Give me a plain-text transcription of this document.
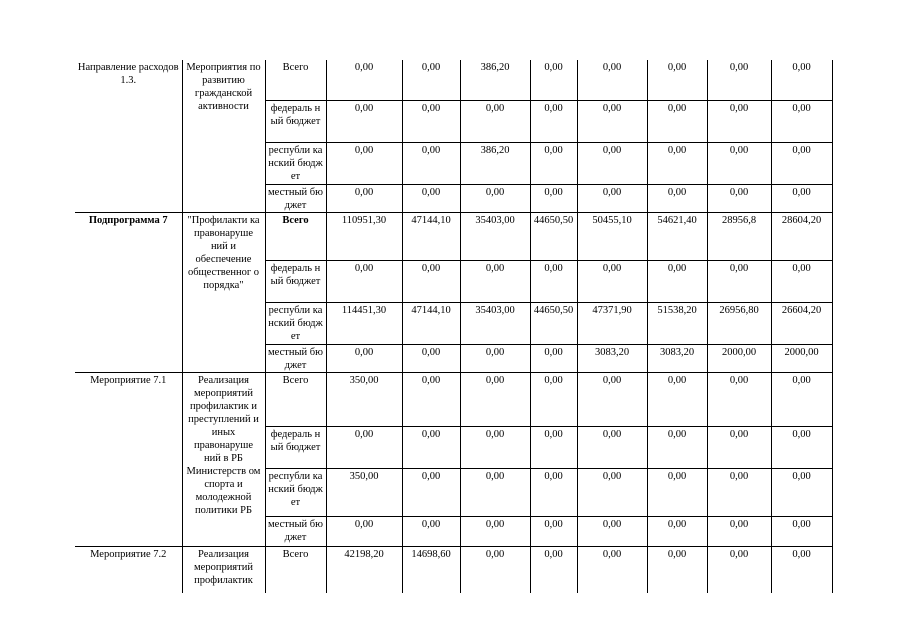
Направление расходов 1.3.	Мероприятия по развитию гражданской активности	Всего	0,00	0,00	386,20	0,00	0,00	0,00	0,00	0,00
		федераль ный бюджет	0,00	0,00	0,00	0,00	0,00	0,00	0,00	0,00
		республи канский бюджет	0,00	0,00	386,20	0,00	0,00	0,00	0,00	0,00
		местный бюджет	0,00	0,00	0,00	0,00	0,00	0,00	0,00	0,00
Подпрограмма 7	"Профилакти ка правонаруше ний и обеспечение общественног о порядка"	Всего	110951,30	47144,10	35403,00	44650,50	50455,10	54621,40	28956,8	28604,20
		федераль ный бюджет	0,00	0,00	0,00	0,00	0,00	0,00	0,00	0,00
		республи канский бюджет	114451,30	47144,10	35403,00	44650,50	47371,90	51538,20	26956,80	26604,20
		местный бюджет	0,00	0,00	0,00	0,00	3083,20	3083,20	2000,00	2000,00
Мероприятие 7.1	Реализация мероприятий профилактик и преступлений и иных правонаруше ний в РБ Министерств ом спорта и молодежной политики РБ	Всего	350,00	0,00	0,00	0,00	0,00	0,00	0,00	0,00
		федераль ный бюджет	0,00	0,00	0,00	0,00	0,00	0,00	0,00	0,00
		республи канский бюджет	350,00	0,00	0,00	0,00	0,00	0,00	0,00	0,00
		местный бюджет	0,00	0,00	0,00	0,00	0,00	0,00	0,00	0,00
Мероприятие 7.2	Реализация мероприятий профилактик	Всего	42198,20	14698,60	0,00	0,00	0,00	0,00	0,00	0,00
